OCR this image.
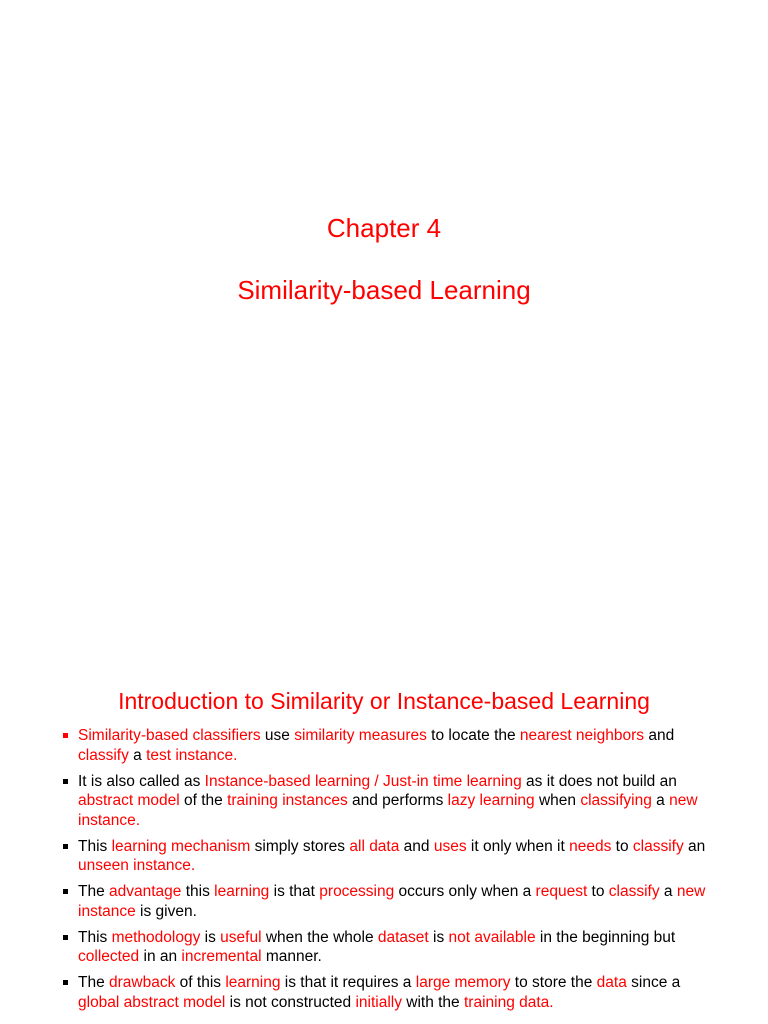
Chapter 4
Similarity-based Learning
Introduction to Similarity or Instance-based Learning
Similarity-based classifiers use similarity measures to locate the nearest neighbors and classify a test instance.
It is also called as Instance-based learning / Just-in time learning as it does not build an abstract model of the training instances and performs lazy learning when classifying a new instance.
This learning mechanism simply stores all data and uses it only when it needs to classify an unseen instance.
The advantage this learning is that processing occurs only when a request to classify a new instance is given.
This methodology is useful when the whole dataset is not available in the beginning but collected in an incremental manner.
The drawback of this learning is that it requires a large memory to store the data since a global abstract model is not constructed initially with the training data.
